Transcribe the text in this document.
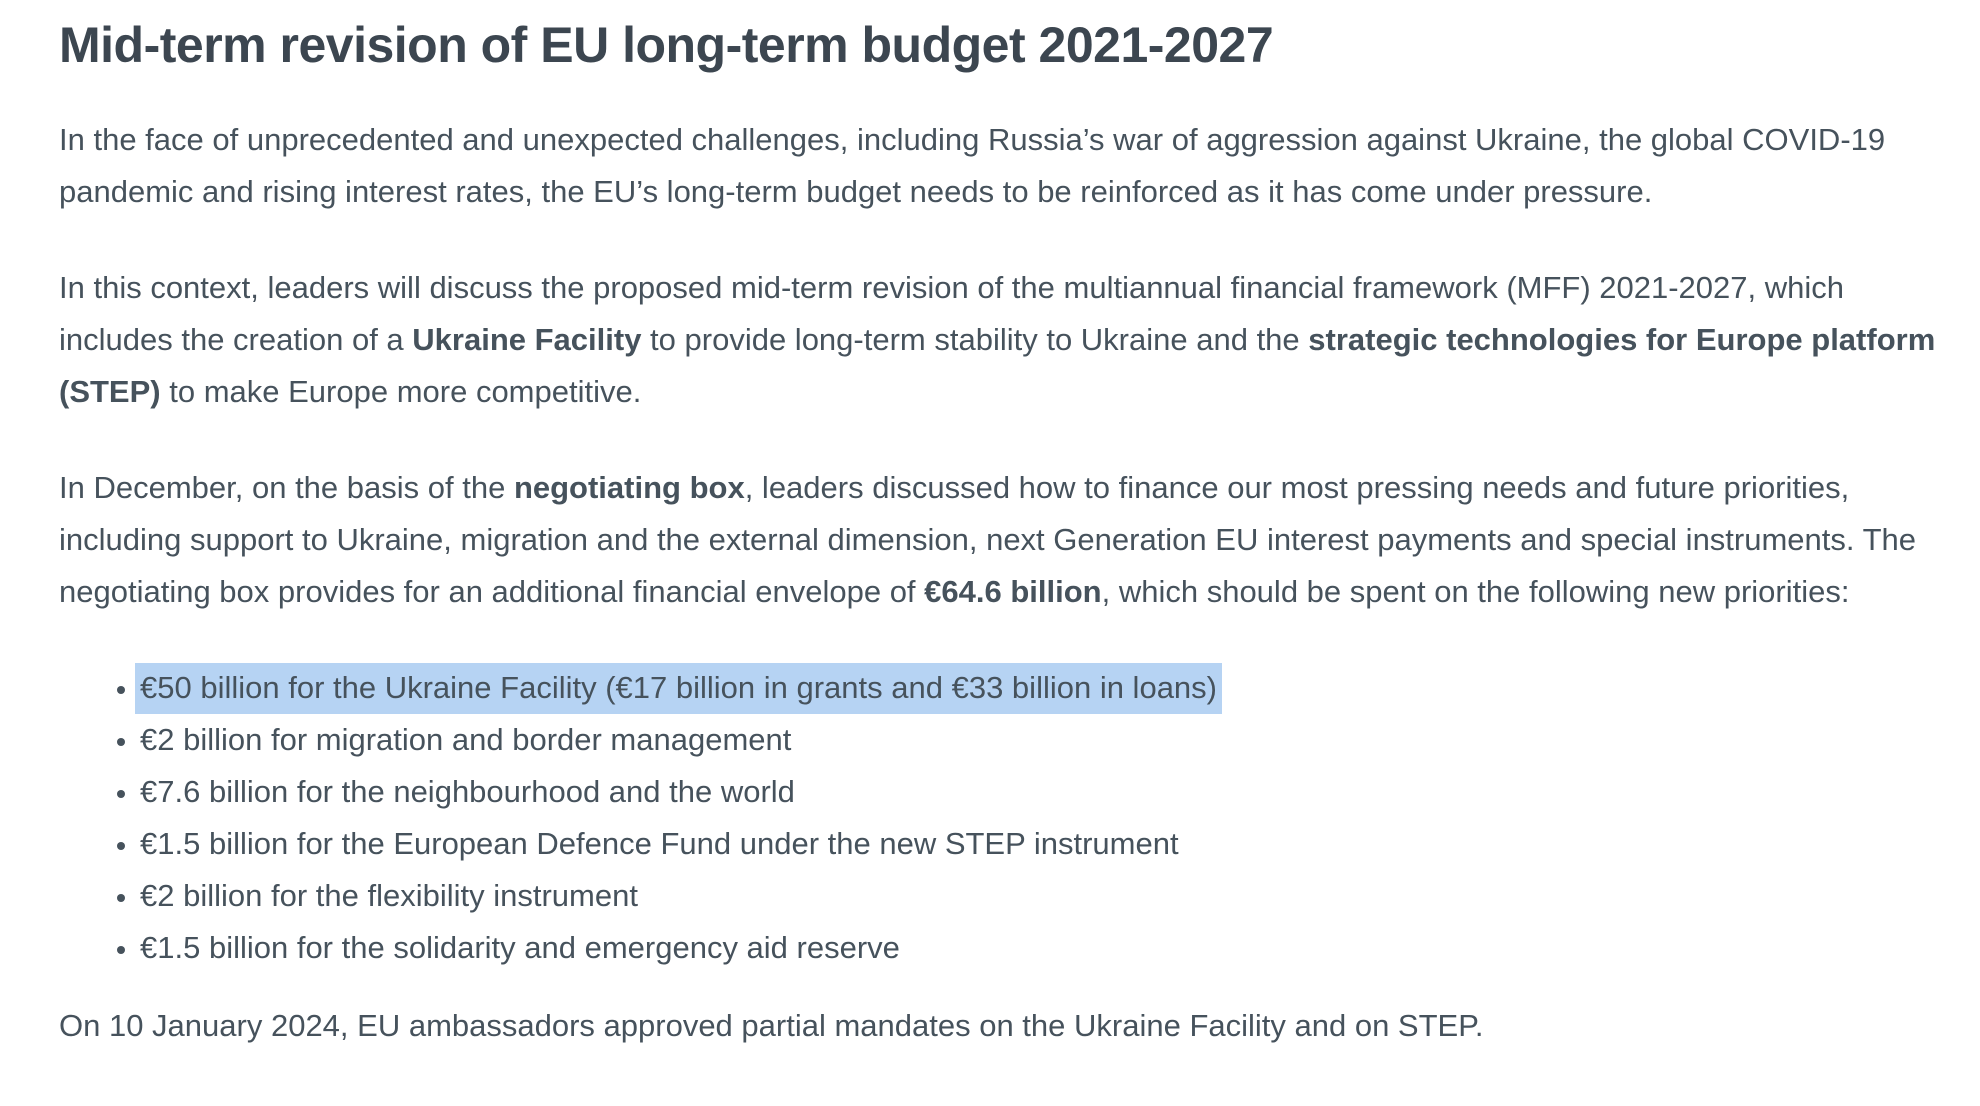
Mid-term revision of EU long-term budget 2021-2027

In the face of unprecedented and unexpected challenges, including Russia’s war of aggression against Ukraine, the global COVID-19 pandemic and rising interest rates, the EU’s long-term budget needs to be reinforced as it has come under pressure.

In this context, leaders will discuss the proposed mid-term revision of the multiannual financial framework (MFF) 2021-2027, which includes the creation of a Ukraine Facility to provide long-term stability to Ukraine and the strategic technologies for Europe platform (STEP) to make Europe more competitive.

In December, on the basis of the negotiating box, leaders discussed how to finance our most pressing needs and future priorities, including support to Ukraine, migration and the external dimension, next Generation EU interest payments and special instruments. The negotiating box provides for an additional financial envelope of €64.6 billion, which should be spent on the following new priorities:

• €50 billion for the Ukraine Facility (€17 billion in grants and €33 billion in loans)
• €2 billion for migration and border management
• €7.6 billion for the neighbourhood and the world
• €1.5 billion for the European Defence Fund under the new STEP instrument
• €2 billion for the flexibility instrument
• €1.5 billion for the solidarity and emergency aid reserve

On 10 January 2024, EU ambassadors approved partial mandates on the Ukraine Facility and on STEP.
